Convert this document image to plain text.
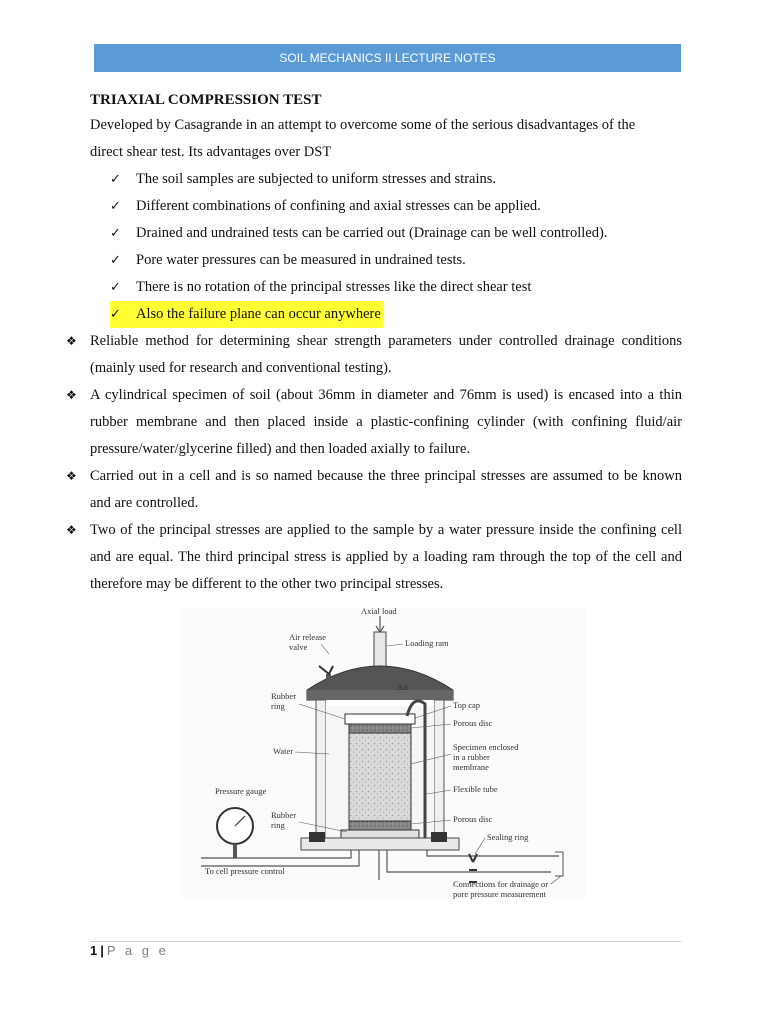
SOIL MECHANICS II LECTURE NOTES
TRIAXIAL COMPRESSION TEST
Developed by Casagrande in an attempt to overcome some of the serious disadvantages of the
direct shear test. Its advantages over DST
✓ The soil samples are subjected to uniform stresses and strains.
✓ Different combinations of confining and axial stresses can be applied.
✓ Drained and undrained tests can be carried out (Drainage can be well controlled).
✓ Pore water pressures can be measured in undrained tests.
✓ There is no rotation of the principal stresses like the direct shear test
✓ Also the failure plane can occur anywhere
❖ Reliable method for determining shear strength parameters under controlled drainage conditions (mainly used for research and conventional testing).
❖ A cylindrical specimen of soil (about 36mm in diameter and 76mm is used) is encased into a thin rubber membrane and then placed inside a plastic-confining cylinder (with confining fluid/air pressure/water/glycerine filled) and then loaded axially to failure.
❖ Carried out in a cell and is so named because the three principal stresses are assumed to be known and are controlled.
❖ Two of the principal stresses are applied to the sample by a water pressure inside the confining cell and are equal. The third principal stress is applied by a loading ram through the top of the cell and therefore may be different to the other two principal stresses.
Axial load
Air release
valve	Loading ram
Air
Rubber
ring	Top cap
Porous disc
Water	Specimen enclosed
in a rubber
membrane
Pressure gauge	Flexible tube
Rubber
ring
Porous disc
Sealing ring
To cell pressure control
Connections for drainage or
pore pressure measurement
1 | P a g e
